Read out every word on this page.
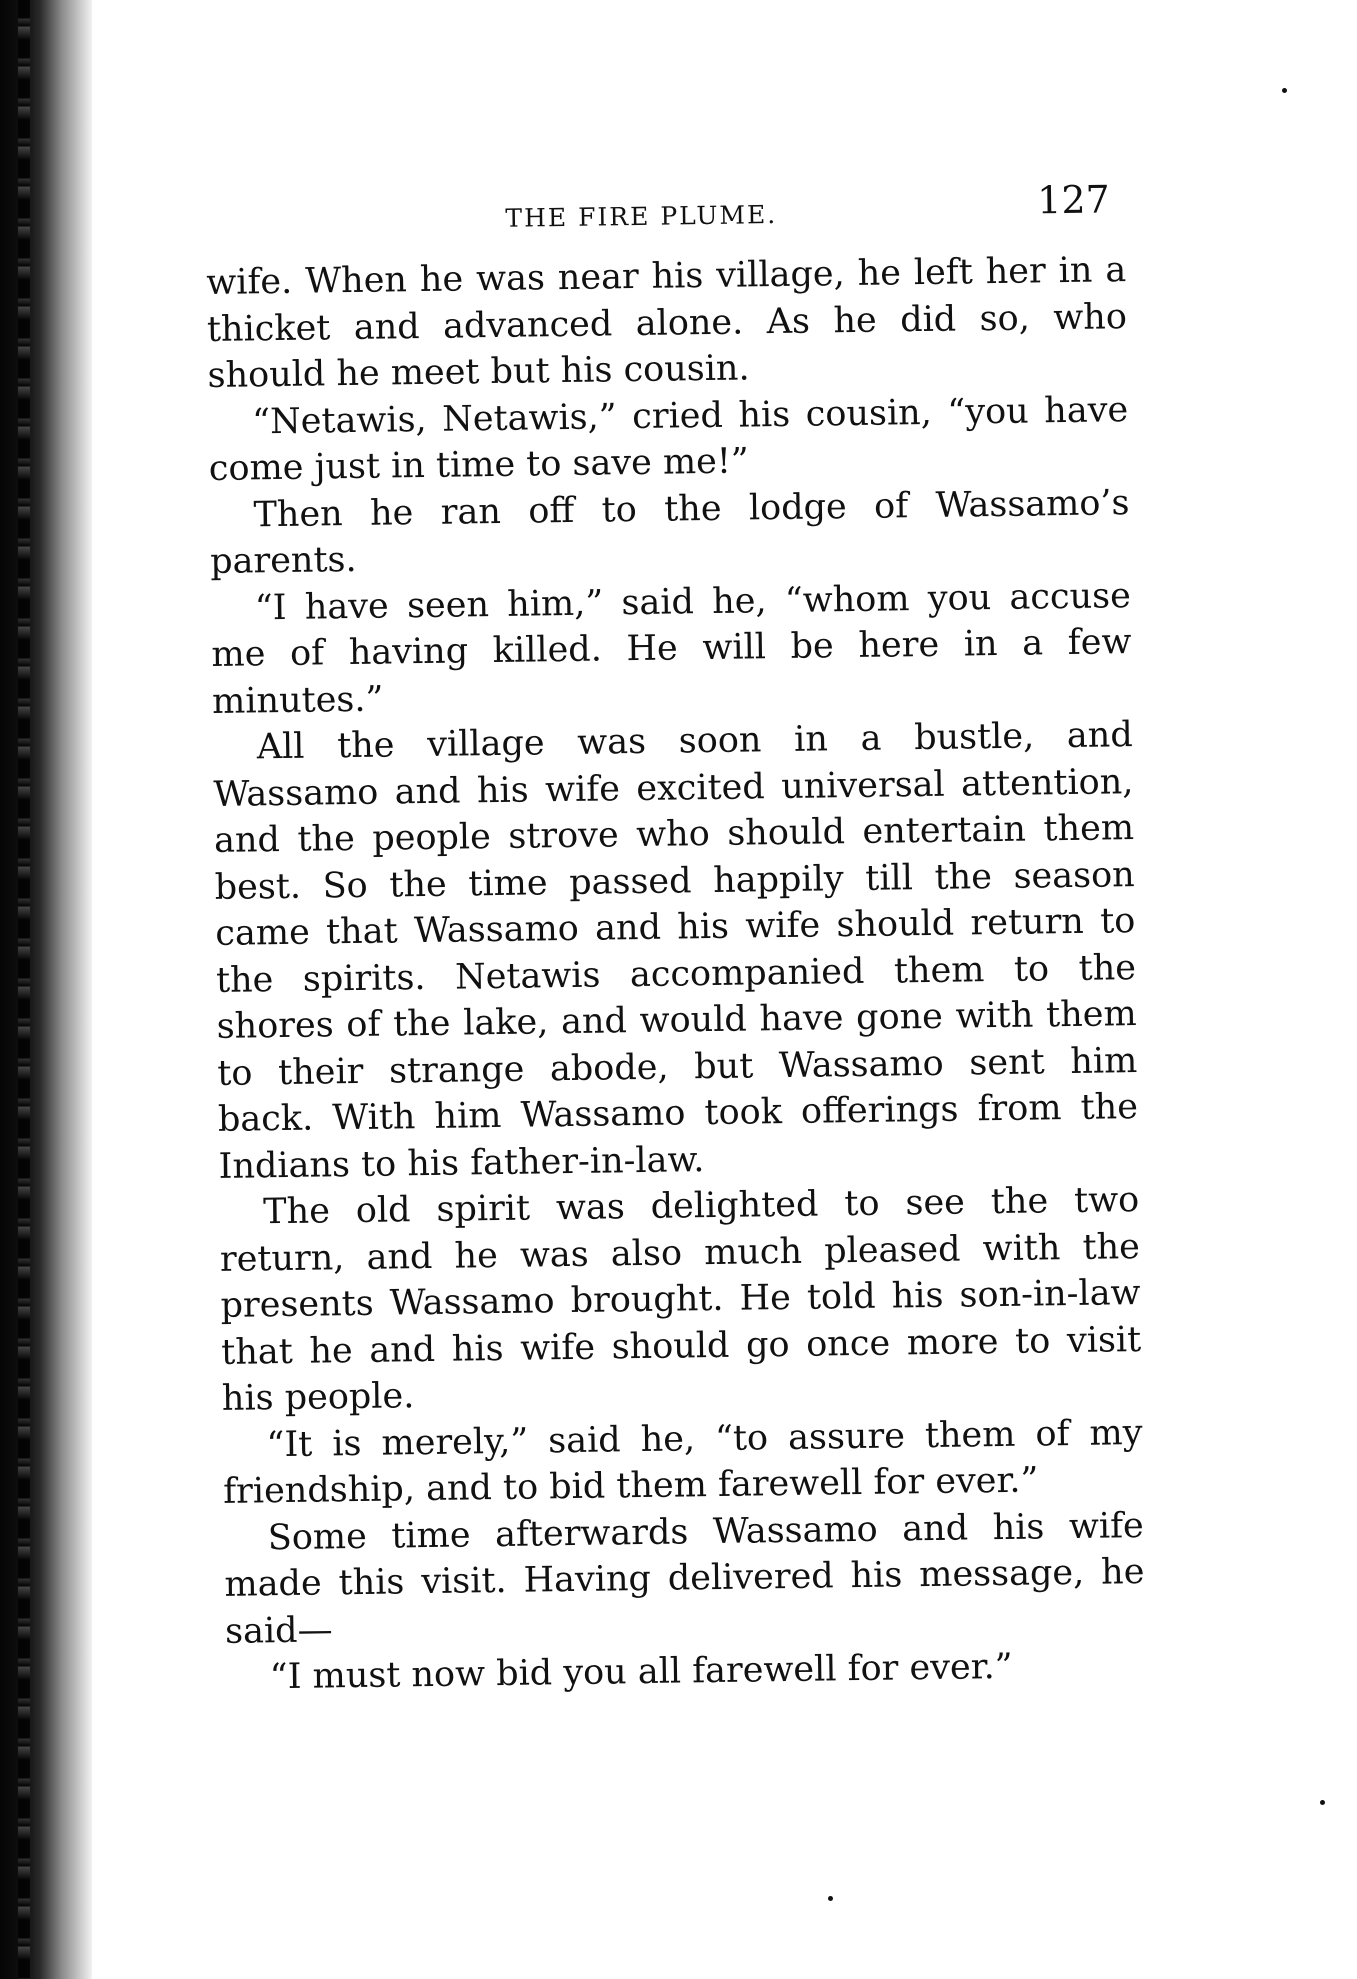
THE FIRE PLUME.	127

wife. When he was near his village, he left her in a thicket and advanced alone. As he did so, who should he meet but his cousin.

“Netawis, Netawis,” cried his cousin, “you have come just in time to save me!”

Then he ran off to the lodge of Wassamo’s parents.

“I have seen him,” said he, “whom you accuse me of having killed. He will be here in a few minutes.”

All the village was soon in a bustle, and Wassamo and his wife excited universal attention, and the people strove who should entertain them best. So the time passed happily till the season came that Wassamo and his wife should return to the spirits. Netawis accompanied them to the shores of the lake, and would have gone with them to their strange abode, but Wassamo sent him back. With him Wassamo took offerings from the Indians to his father-in-law.

The old spirit was delighted to see the two return, and he was also much pleased with the presents Wassamo brought. He told his son-in-law that he and his wife should go once more to visit his people.

“It is merely,” said he, “to assure them of my friendship, and to bid them farewell for ever.”

Some time afterwards Wassamo and his wife made this visit. Having delivered his message, he said—

“I must now bid you all farewell for ever.”
